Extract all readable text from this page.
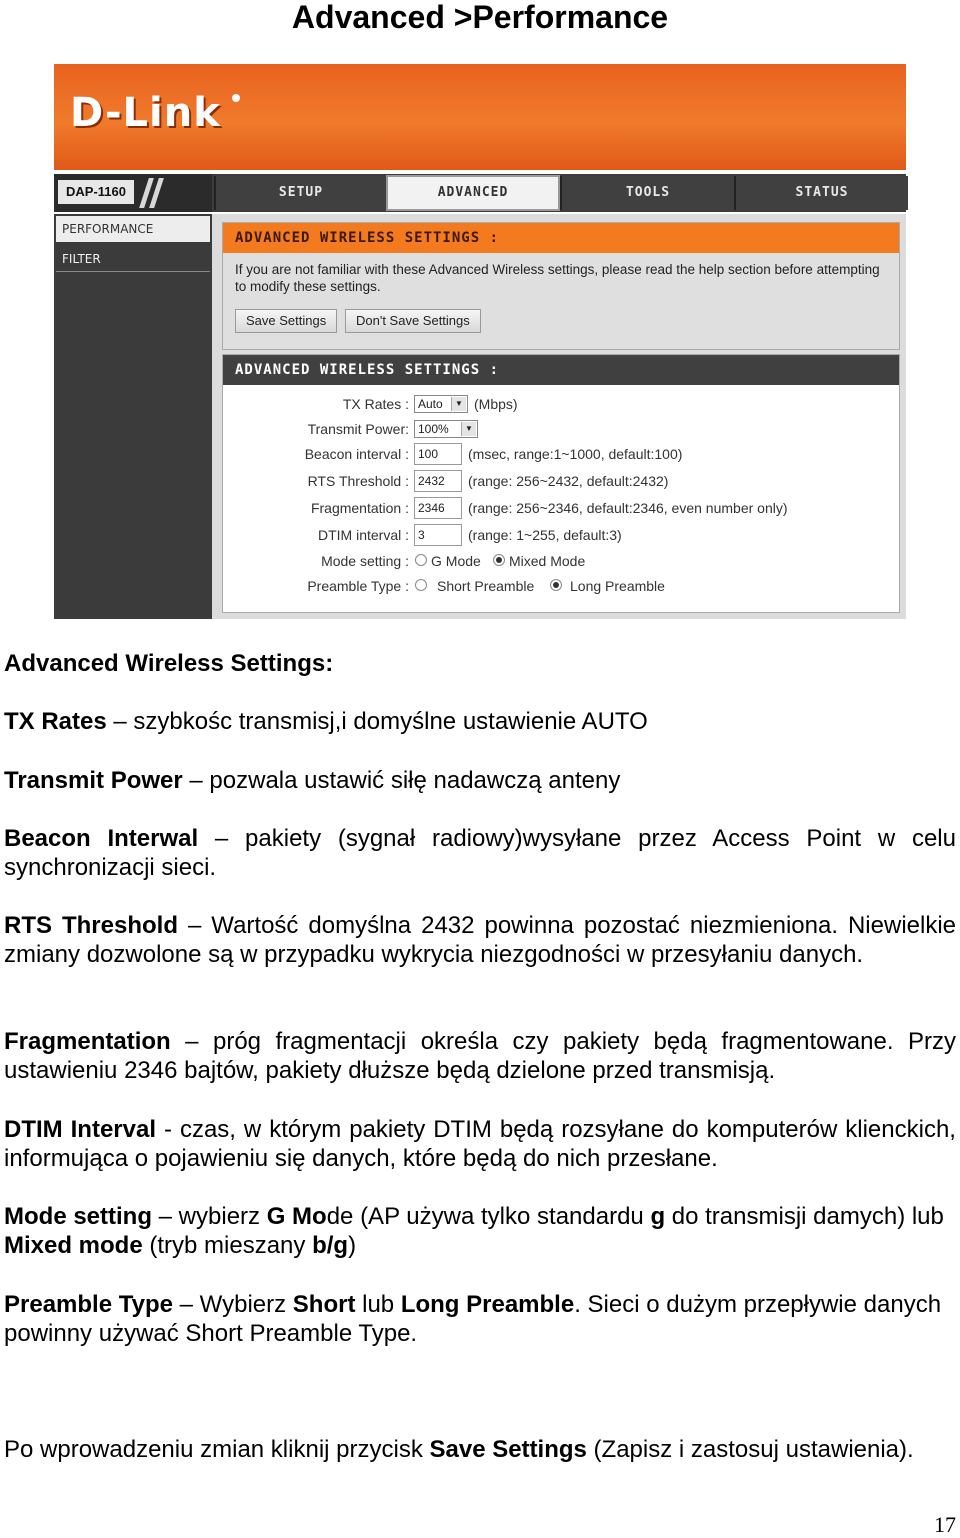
Advanced >Performance
D-Link
DAP-1160	SETUP	ADVANCED	TOOLS	STATUS
PERFORMANCE
FILTER
ADVANCED WIRELESS SETTINGS :
If you are not familiar with these Advanced Wireless settings, please read the help section before attempting to modify these settings.
Save Settings	Don't Save Settings
ADVANCED WIRELESS SETTINGS :
TX Rates : Auto	▼ (Mbps)
Transmit Power: 100%	▼
Beacon interval : 100	(msec, range:1~1000, default:100)
RTS Threshold : 2432	(range: 256~2432, default:2432)
Fragmentation : 2346	(range: 256~2346, default:2346, even number only)
DTIM interval : 3	(range: 1~255, default:3)
Mode setting : G Mode Mixed Mode
Preamble Type : Short Preamble	Long Preamble
Advanced Wireless Settings:
TX Rates – szybkośc transmisj,i domyślne ustawienie AUTO
Transmit Power – pozwala ustawić siłę nadawczą anteny
Beacon Interwal – pakiety (sygnał radiowy)wysyłane przez Access Point w celu synchronizacji sieci.
RTS Threshold – Wartość domyślna 2432 powinna pozostać niezmieniona. Niewielkie zmiany dozwolone są w przypadku wykrycia niezgodności w przesyłaniu danych.
Fragmentation – próg fragmentacji określa czy pakiety będą fragmentowane. Przy ustawieniu 2346 bajtów, pakiety dłuższe będą dzielone przed transmisją.
DTIM Interval - czas, w którym pakiety DTIM będą rozsyłane do komputerów klienckich, informująca o pojawieniu się danych, które będą do nich przesłane.
Mode setting – wybierz G Mode (AP używa tylko standardu g do transmisji damych) lub Mixed mode (tryb mieszany b/g)
Preamble Type – Wybierz Short lub Long Preamble. Sieci o dużym przepływie danych powinny używać Short Preamble Type.
Po wprowadzeniu zmian kliknij przycisk Save Settings (Zapisz i zastosuj ustawienia).
17
